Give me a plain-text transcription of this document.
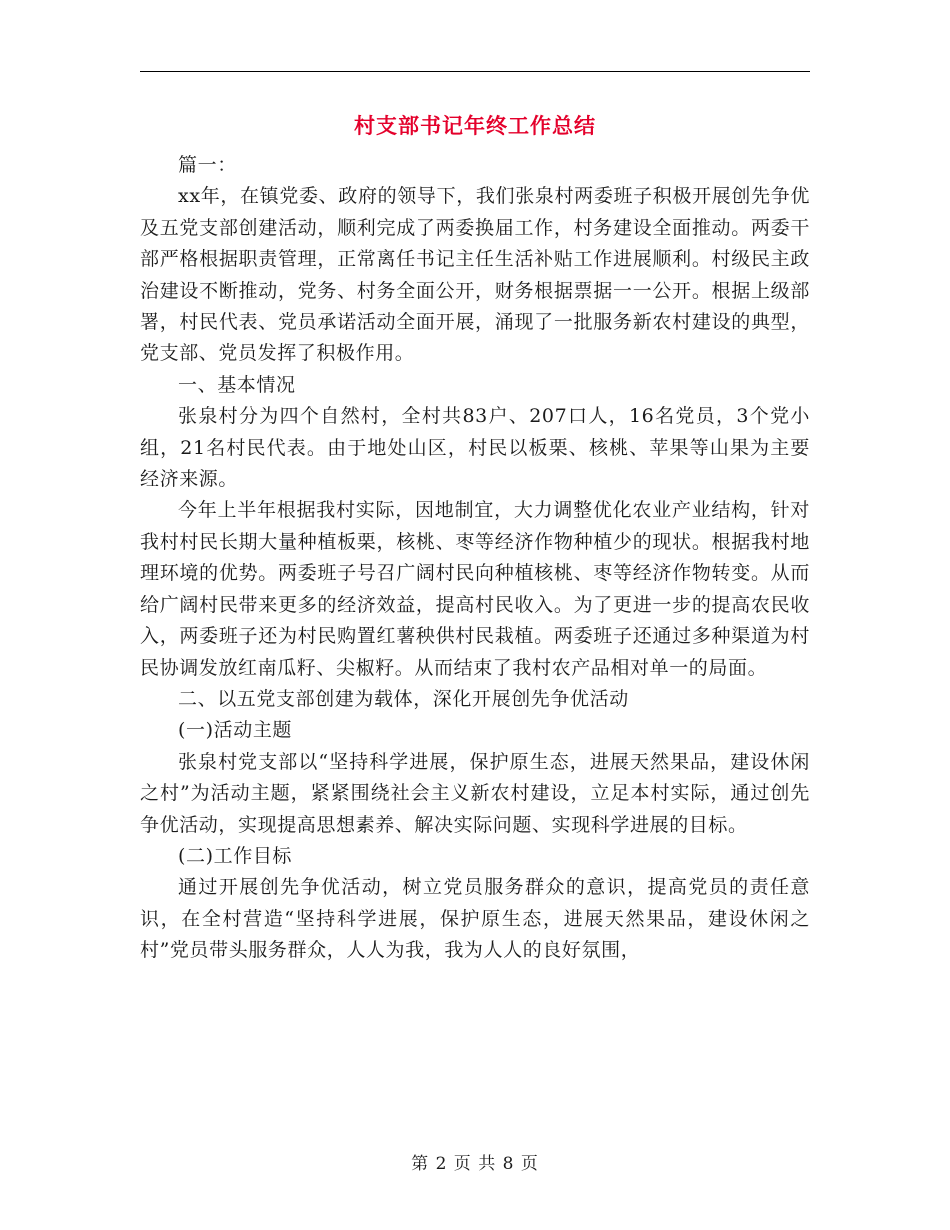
村支部书记年终工作总结

篇一：

xx年，在镇党委、政府的领导下，我们张泉村两委班子积极开展创先争优及五党支部创建活动，顺利完成了两委换届工作，村务建设全面推动。两委干部严格根据职责管理，正常离任书记主任生活补贴工作进展顺利。村级民主政治建设不断推动，党务、村务全面公开，财务根据票据一一公开。根据上级部署，村民代表、党员承诺活动全面开展，涌现了一批服务新农村建设的典型，党支部、党员发挥了积极作用。

一、基本情况

张泉村分为四个自然村，全村共83户、207口人，16名党员，3个党小组，21名村民代表。由于地处山区，村民以板栗、核桃、苹果等山果为主要经济来源。

今年上半年根据我村实际，因地制宜，大力调整优化农业产业结构，针对我村村民长期大量种植板栗，核桃、枣等经济作物种植少的现状。根据我村地理环境的优势。两委班子号召广阔村民向种植核桃、枣等经济作物转变。从而给广阔村民带来更多的经济效益，提高村民收入。为了更进一步的提高农民收入，两委班子还为村民购置红薯秧供村民栽植。两委班子还通过多种渠道为村民协调发放红南瓜籽、尖椒籽。从而结束了我村农产品相对单一的局面。

二、以五党支部创建为载体，深化开展创先争优活动

(一)活动主题

张泉村党支部以“坚持科学进展，保护原生态，进展天然果品，建设休闲之村”为活动主题，紧紧围绕社会主义新农村建设，立足本村实际，通过创先争优活动，实现提高思想素养、解决实际问题、实现科学进展的目标。

(二)工作目标

通过开展创先争优活动，树立党员服务群众的意识，提高党员的责任意识，在全村营造“坚持科学进展，保护原生态，进展天然果品，建设休闲之村”党员带头服务群众，人人为我，我为人人的良好氛围，

第 2 页 共 8 页
